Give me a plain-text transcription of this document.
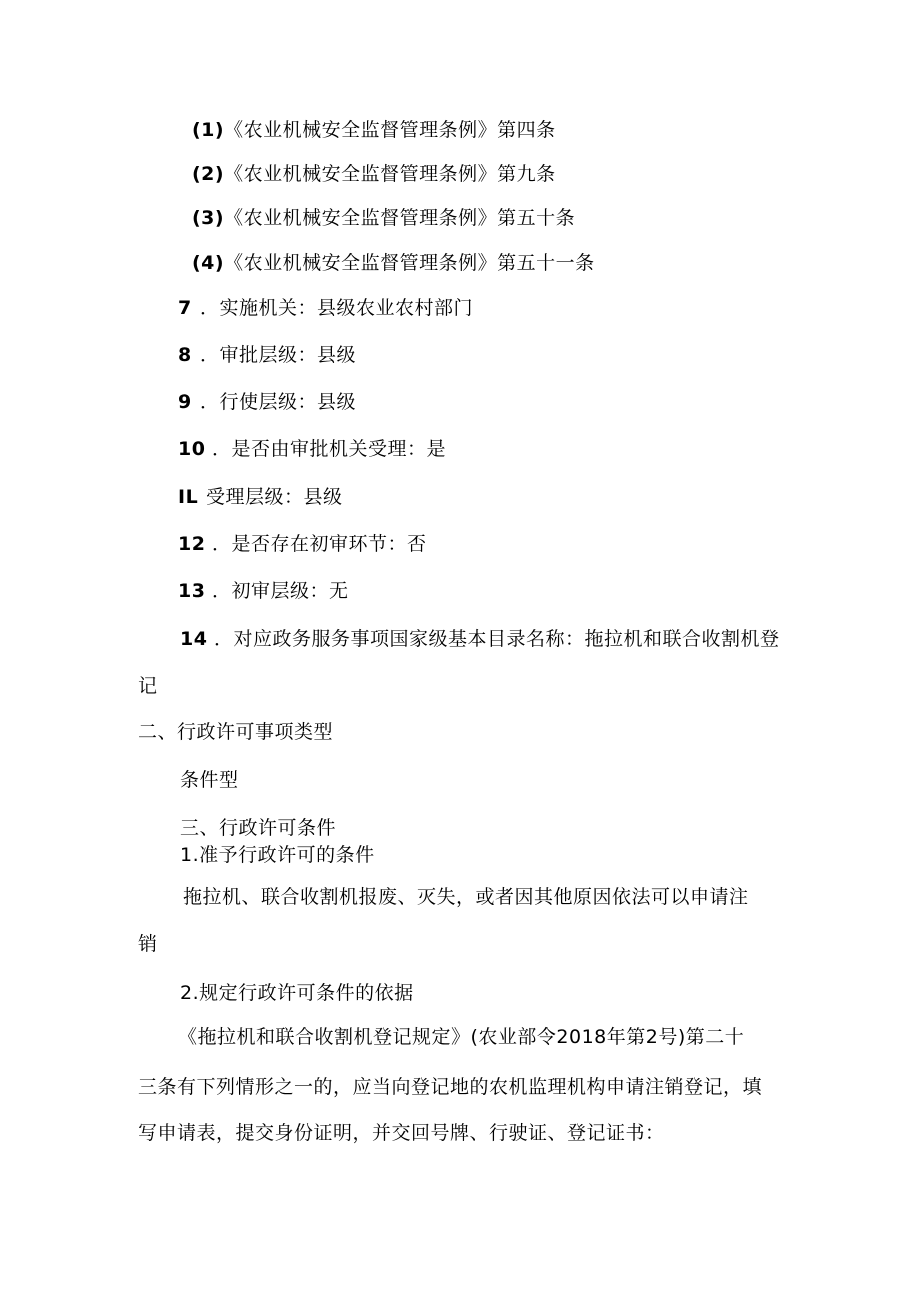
(1)《农业机械安全监督管理条例》第四条
(2)《农业机械安全监督管理条例》第九条
(3)《农业机械安全监督管理条例》第五十条
(4)《农业机械安全监督管理条例》第五十一条
7 ．实施机关：县级农业农村部门
8 ．审批层级：县级
9 ．行使层级：县级
10 ．是否由审批机关受理：是
IL 受理层级：县级
12 ．是否存在初审环节：否
13 ．初审层级：无
14 ．对应政务服务事项国家级基本目录名称：拖拉机和联合收割机登
记
二、行政许可事项类型
条件型
三、行政许可条件
1.准予行政许可的条件
拖拉机、联合收割机报废、灭失，或者因其他原因依法可以申请注
销
2.规定行政许可条件的依据
《拖拉机和联合收割机登记规定》(农业部令2018年第2号)第二十
三条有下列情形之一的，应当向登记地的农机监理机构申请注销登记，填
写申请表，提交身份证明，并交回号牌、行驶证、登记证书：
